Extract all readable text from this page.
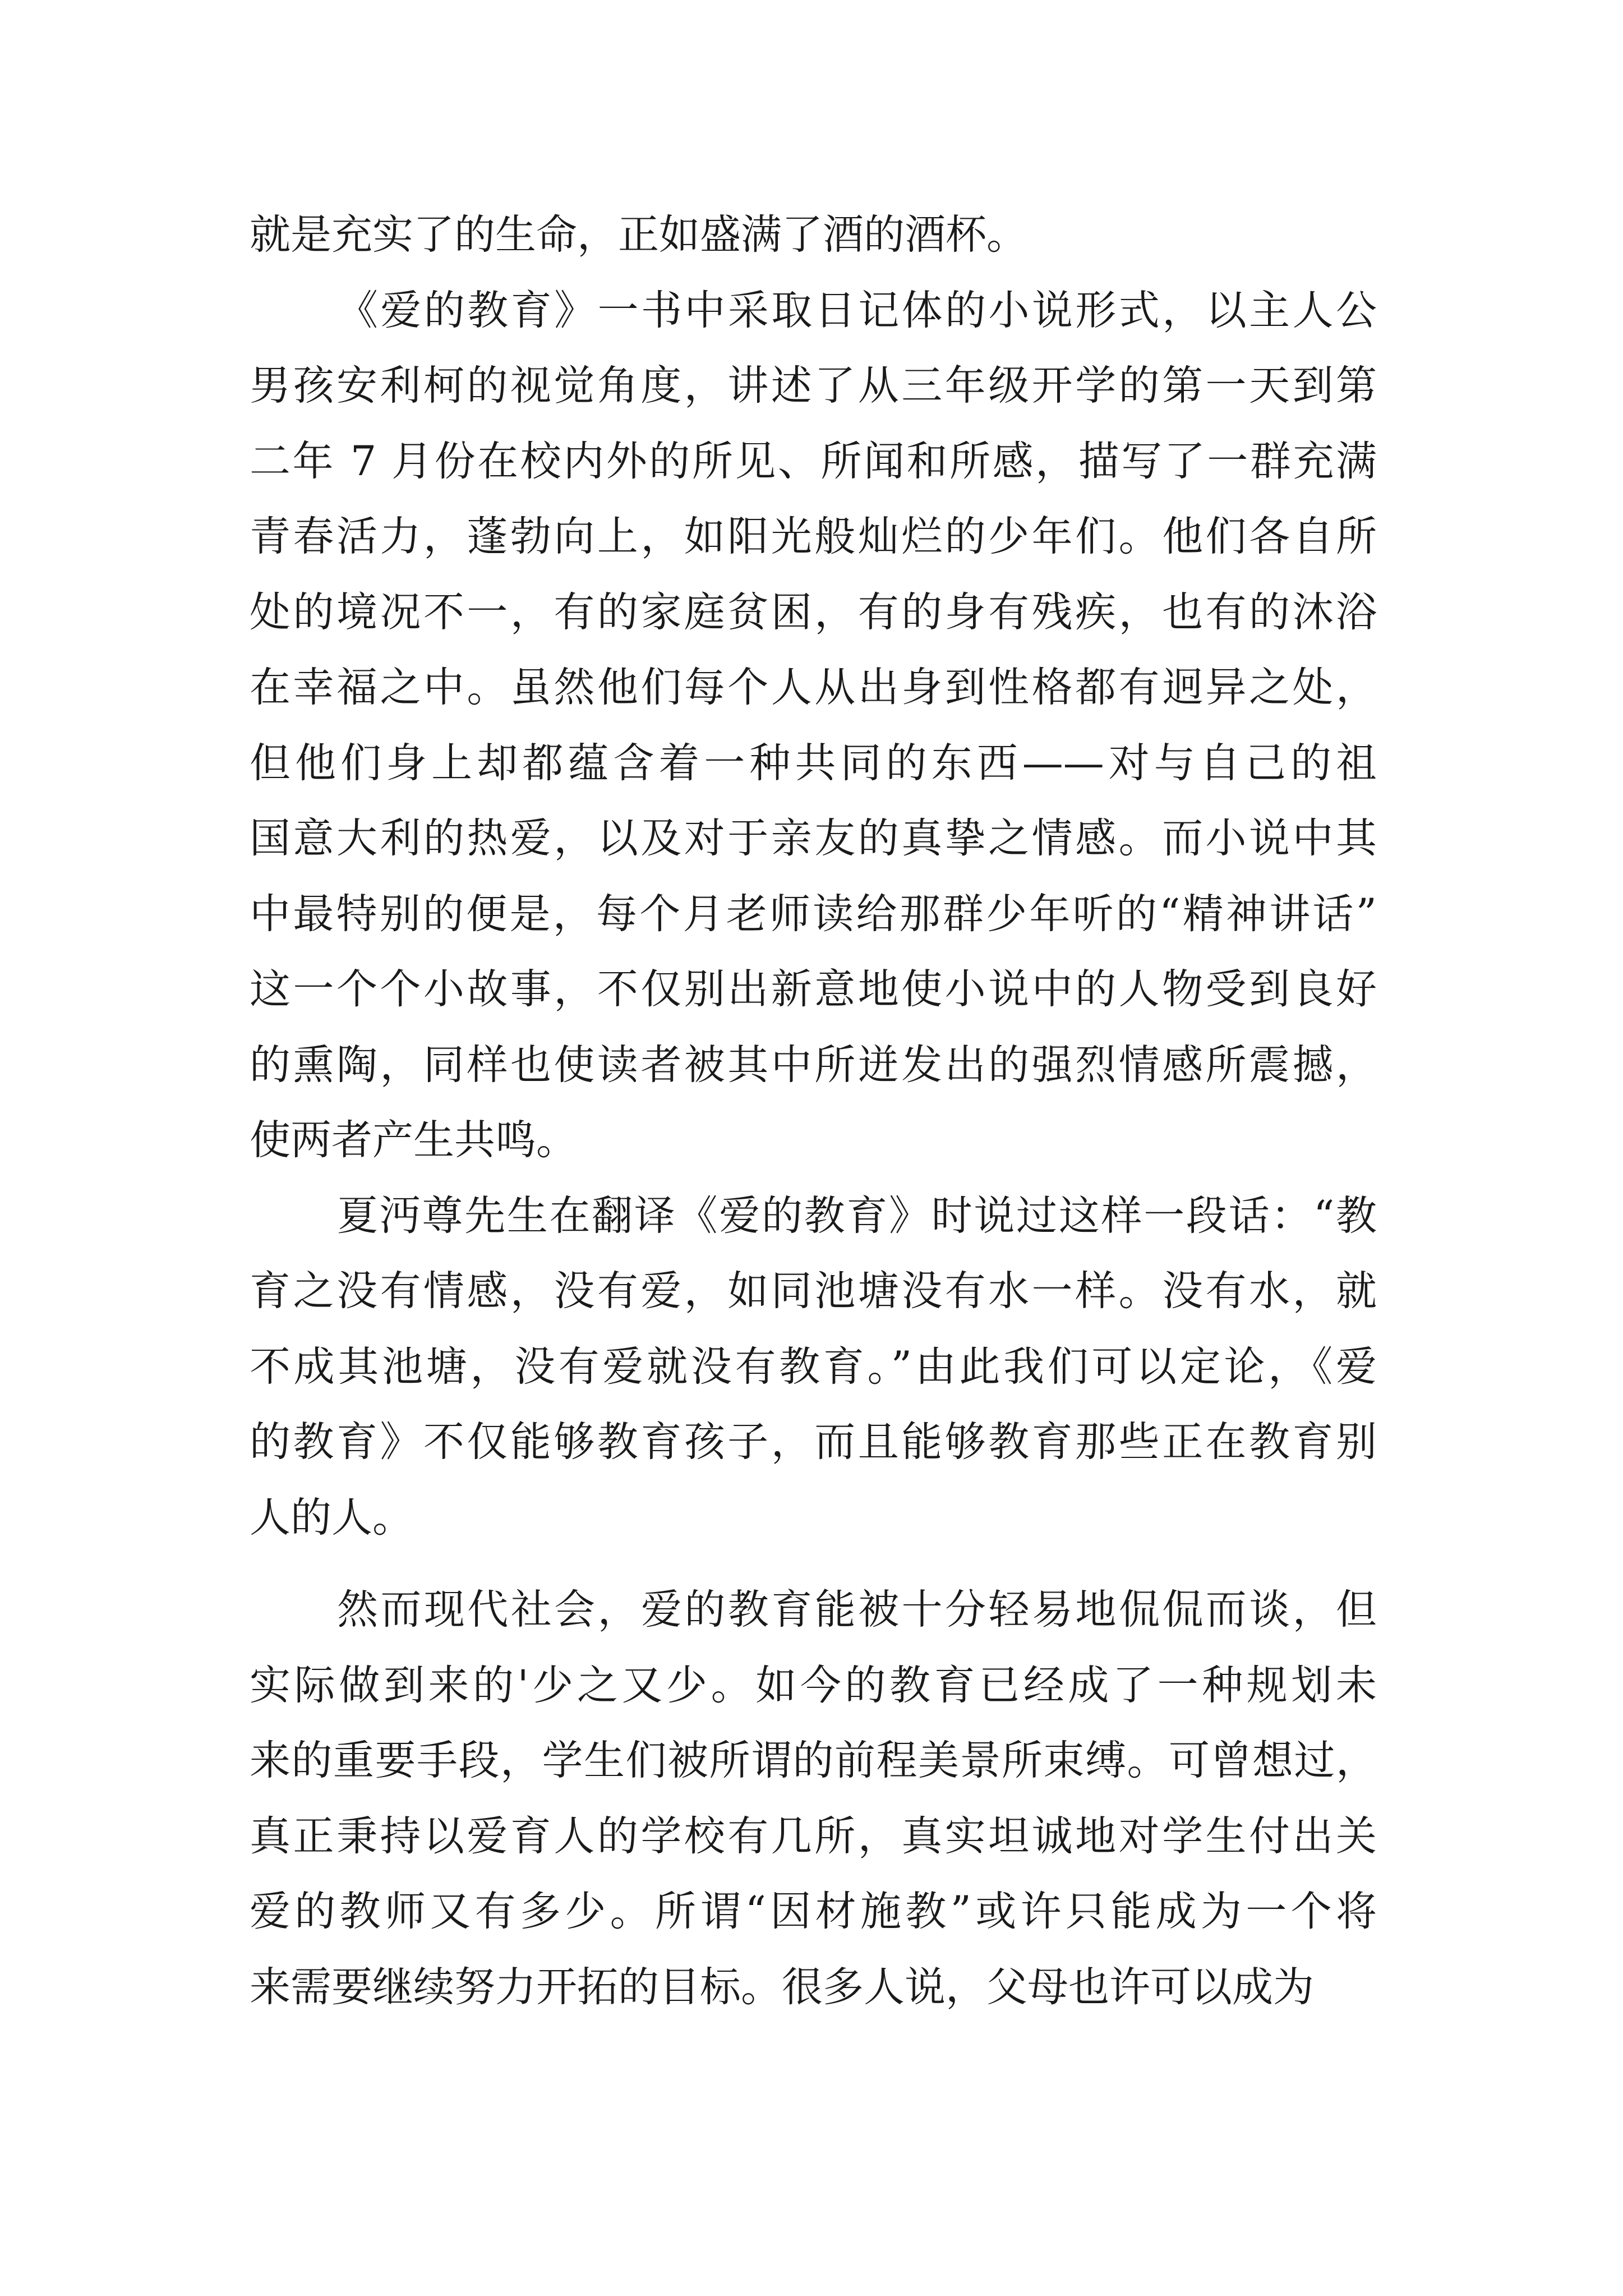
就是充实了的生命，正如盛满了酒的酒杯。
《爱的教育》一书中采取日记体的小说形式，以主人公
男孩安利柯的视觉角度，讲述了从三年级开学的第一天到第
二年 7 月份在校内外的所见、所闻和所感，描写了一群充满
青春活力，蓬勃向上，如阳光般灿烂的少年们。他们各自所
处的境况不一，有的家庭贫困，有的身有残疾，也有的沐浴
在幸福之中。虽然他们每个人从出身到性格都有迥异之处，
但他们身上却都蕴含着一种共同的东西——对与自己的祖
国意大利的热爱，以及对于亲友的真挚之情感。而小说中其
中最特别的便是，每个月老师读给那群少年听的“精神讲话”
这一个个小故事，不仅别出新意地使小说中的人物受到良好
的熏陶，同样也使读者被其中所迸发出的强烈情感所震撼，
使两者产生共鸣。
夏沔尊先生在翻译《爱的教育》时说过这样一段话：“教
育之没有情感，没有爱，如同池塘没有水一样。没有水，就
不成其池塘，没有爱就没有教育。”由此我们可以定论，《爱
的教育》不仅能够教育孩子，而且能够教育那些正在教育别
人的人。
然而现代社会，爱的教育能被十分轻易地侃侃而谈，但
实际做到来的'少之又少。如今的教育已经成了一种规划未
来的重要手段，学生们被所谓的前程美景所束缚。可曾想过，
真正秉持以爱育人的学校有几所，真实坦诚地对学生付出关
爱的教师又有多少。所谓“因材施教”或许只能成为一个将
来需要继续努力开拓的目标。很多人说，父母也许可以成为
